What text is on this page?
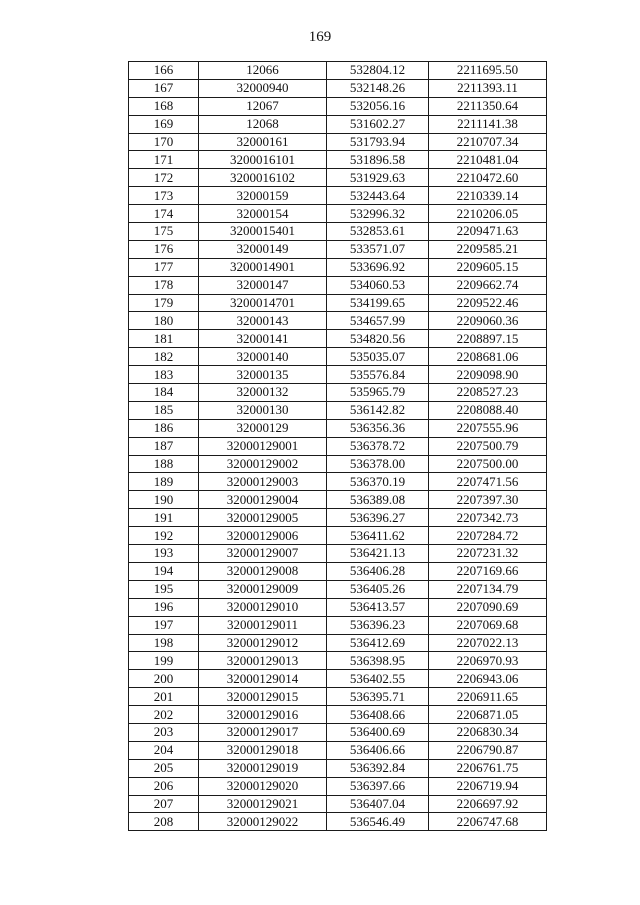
169
166	12066	532804.12	2211695.50
167	32000940	532148.26	2211393.11
168	12067	532056.16	2211350.64
169	12068	531602.27	2211141.38
170	32000161	531793.94	2210707.34
171	3200016101	531896.58	2210481.04
172	3200016102	531929.63	2210472.60
173	32000159	532443.64	2210339.14
174	32000154	532996.32	2210206.05
175	3200015401	532853.61	2209471.63
176	32000149	533571.07	2209585.21
177	3200014901	533696.92	2209605.15
178	32000147	534060.53	2209662.74
179	3200014701	534199.65	2209522.46
180	32000143	534657.99	2209060.36
181	32000141	534820.56	2208897.15
182	32000140	535035.07	2208681.06
183	32000135	535576.84	2209098.90
184	32000132	535965.79	2208527.23
185	32000130	536142.82	2208088.40
186	32000129	536356.36	2207555.96
187	32000129001	536378.72	2207500.79
188	32000129002	536378.00	2207500.00
189	32000129003	536370.19	2207471.56
190	32000129004	536389.08	2207397.30
191	32000129005	536396.27	2207342.73
192	32000129006	536411.62	2207284.72
193	32000129007	536421.13	2207231.32
194	32000129008	536406.28	2207169.66
195	32000129009	536405.26	2207134.79
196	32000129010	536413.57	2207090.69
197	32000129011	536396.23	2207069.68
198	32000129012	536412.69	2207022.13
199	32000129013	536398.95	2206970.93
200	32000129014	536402.55	2206943.06
201	32000129015	536395.71	2206911.65
202	32000129016	536408.66	2206871.05
203	32000129017	536400.69	2206830.34
204	32000129018	536406.66	2206790.87
205	32000129019	536392.84	2206761.75
206	32000129020	536397.66	2206719.94
207	32000129021	536407.04	2206697.92
208	32000129022	536546.49	2206747.68
